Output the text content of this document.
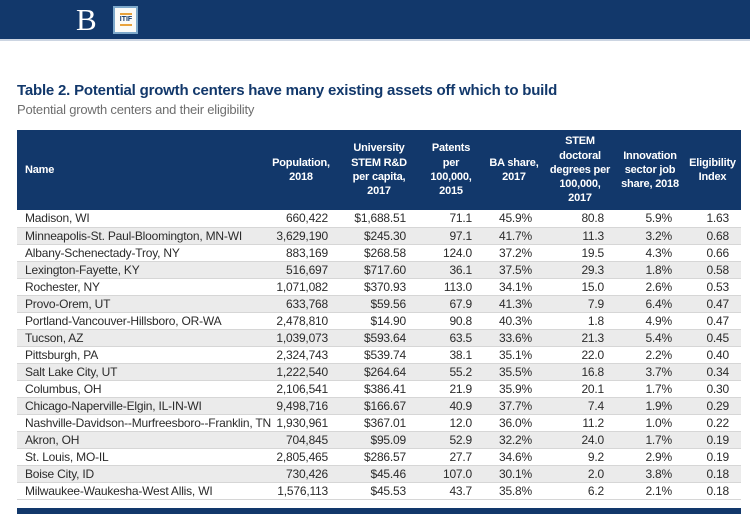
B	ITIF
Table 2. Potential growth centers have many existing assets off which to build

Potential growth centers and their eligibility

Name	Population, 2018	University STEM R&D per capita, 2017	Patents per 100,000, 2015	BA share, 2017	STEM doctoral degrees per 100,000, 2017	Innovation sector job share, 2018	Eligibility Index
Madison, WI	660,422	$1,688.51	71.1	45.9%	80.8	5.9%	1.63
Minneapolis-St. Paul-Bloomington, MN-WI	3,629,190	$245.30	97.1	41.7%	11.3	3.2%	0.68
Albany-Schenectady-Troy, NY	883,169	$268.58	124.0	37.2%	19.5	4.3%	0.66
Lexington-Fayette, KY	516,697	$717.60	36.1	37.5%	29.3	1.8%	0.58
Rochester, NY	1,071,082	$370.93	113.0	34.1%	15.0	2.6%	0.53
Provo-Orem, UT	633,768	$59.56	67.9	41.3%	7.9	6.4%	0.47
Portland-Vancouver-Hillsboro, OR-WA	2,478,810	$14.90	90.8	40.3%	1.8	4.9%	0.47
Tucson, AZ	1,039,073	$593.64	63.5	33.6%	21.3	5.4%	0.45
Pittsburgh, PA	2,324,743	$539.74	38.1	35.1%	22.0	2.2%	0.40
Salt Lake City, UT	1,222,540	$264.64	55.2	35.5%	16.8	3.7%	0.34
Columbus, OH	2,106,541	$386.41	21.9	35.9%	20.1	1.7%	0.30
Chicago-Naperville-Elgin, IL-IN-WI	9,498,716	$166.67	40.9	37.7%	7.4	1.9%	0.29
Nashville-Davidson--Murfreesboro--Franklin, TN	1,930,961	$367.01	12.0	36.0%	11.2	1.0%	0.22
Akron, OH	704,845	$95.09	52.9	32.2%	24.0	1.7%	0.19
St. Louis, MO-IL	2,805,465	$286.57	27.7	34.6%	9.2	2.9%	0.19
Boise City, ID	730,426	$45.46	107.0	30.1%	2.0	3.8%	0.18
Milwaukee-Waukesha-West Allis, WI	1,576,113	$45.53	43.7	35.8%	6.2	2.1%	0.18
